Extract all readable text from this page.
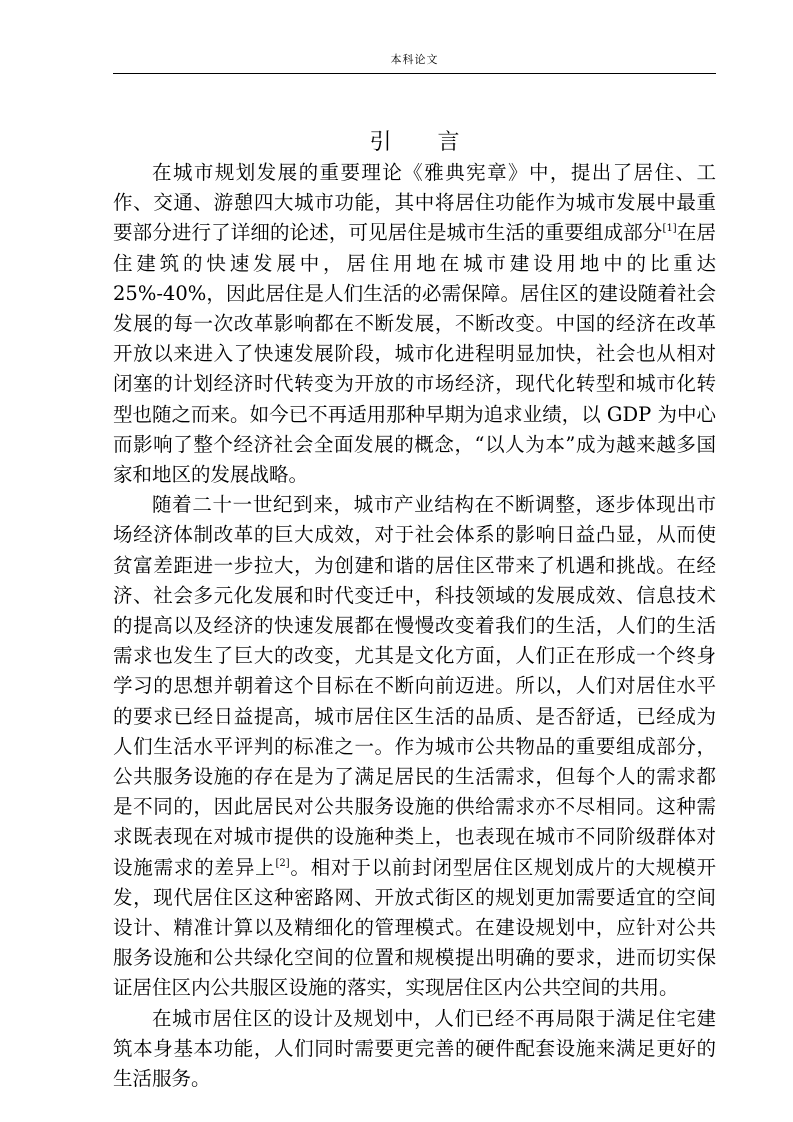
本科论文
引 言

在城市规划发展的重要理论《雅典宪章》中，提出了居住、工作、交通、游憩四大城市功能，其中将居住功能作为城市发展中最重要部分进行了详细的论述，可见居住是城市生活的重要组成部分[1]在居住建筑的快速发展中，居住用地在城市建设用地中的比重达 25%-40%，因此居住是人们生活的必需保障。居住区的建设随着社会发展的每一次改革影响都在不断发展，不断改变。中国的经济在改革开放以来进入了快速发展阶段，城市化进程明显加快，社会也从相对闭塞的计划经济时代转变为开放的市场经济，现代化转型和城市化转型也随之而来。如今已不再适用那种早期为追求业绩，以 GDP 为中心而影响了整个经济社会全面发展的概念，“以人为本”成为越来越多国家和地区的发展战略。

随着二十一世纪到来，城市产业结构在不断调整，逐步体现出市场经济体制改革的巨大成效，对于社会体系的影响日益凸显，从而使贫富差距进一步拉大，为创建和谐的居住区带来了机遇和挑战。在经济、社会多元化发展和时代变迁中，科技领域的发展成效、信息技术的提高以及经济的快速发展都在慢慢改变着我们的生活，人们的生活需求也发生了巨大的改变，尤其是文化方面，人们正在形成一个终身学习的思想并朝着这个目标在不断向前迈进。所以，人们对居住水平的要求已经日益提高，城市居住区生活的品质、是否舒适，已经成为人们生活水平评判的标准之一。作为城市公共物品的重要组成部分，公共服务设施的存在是为了满足居民的生活需求，但每个人的需求都是不同的，因此居民对公共服务设施的供给需求亦不尽相同。这种需求既表现在对城市提供的设施种类上，也表现在城市不同阶级群体对设施需求的差异上[2]。相对于以前封闭型居住区规划成片的大规模开发，现代居住区这种密路网、开放式街区的规划更加需要适宜的空间设计、精准计算以及精细化的管理模式。在建设规划中，应针对公共服务设施和公共绿化空间的位置和规模提出明确的要求，进而切实保证居住区内公共服区设施的落实，实现居住区内公共空间的共用。

在城市居住区的设计及规划中，人们已经不再局限于满足住宅建筑本身基本功能，人们同时需要更完善的硬件配套设施来满足更好的生活服务。
